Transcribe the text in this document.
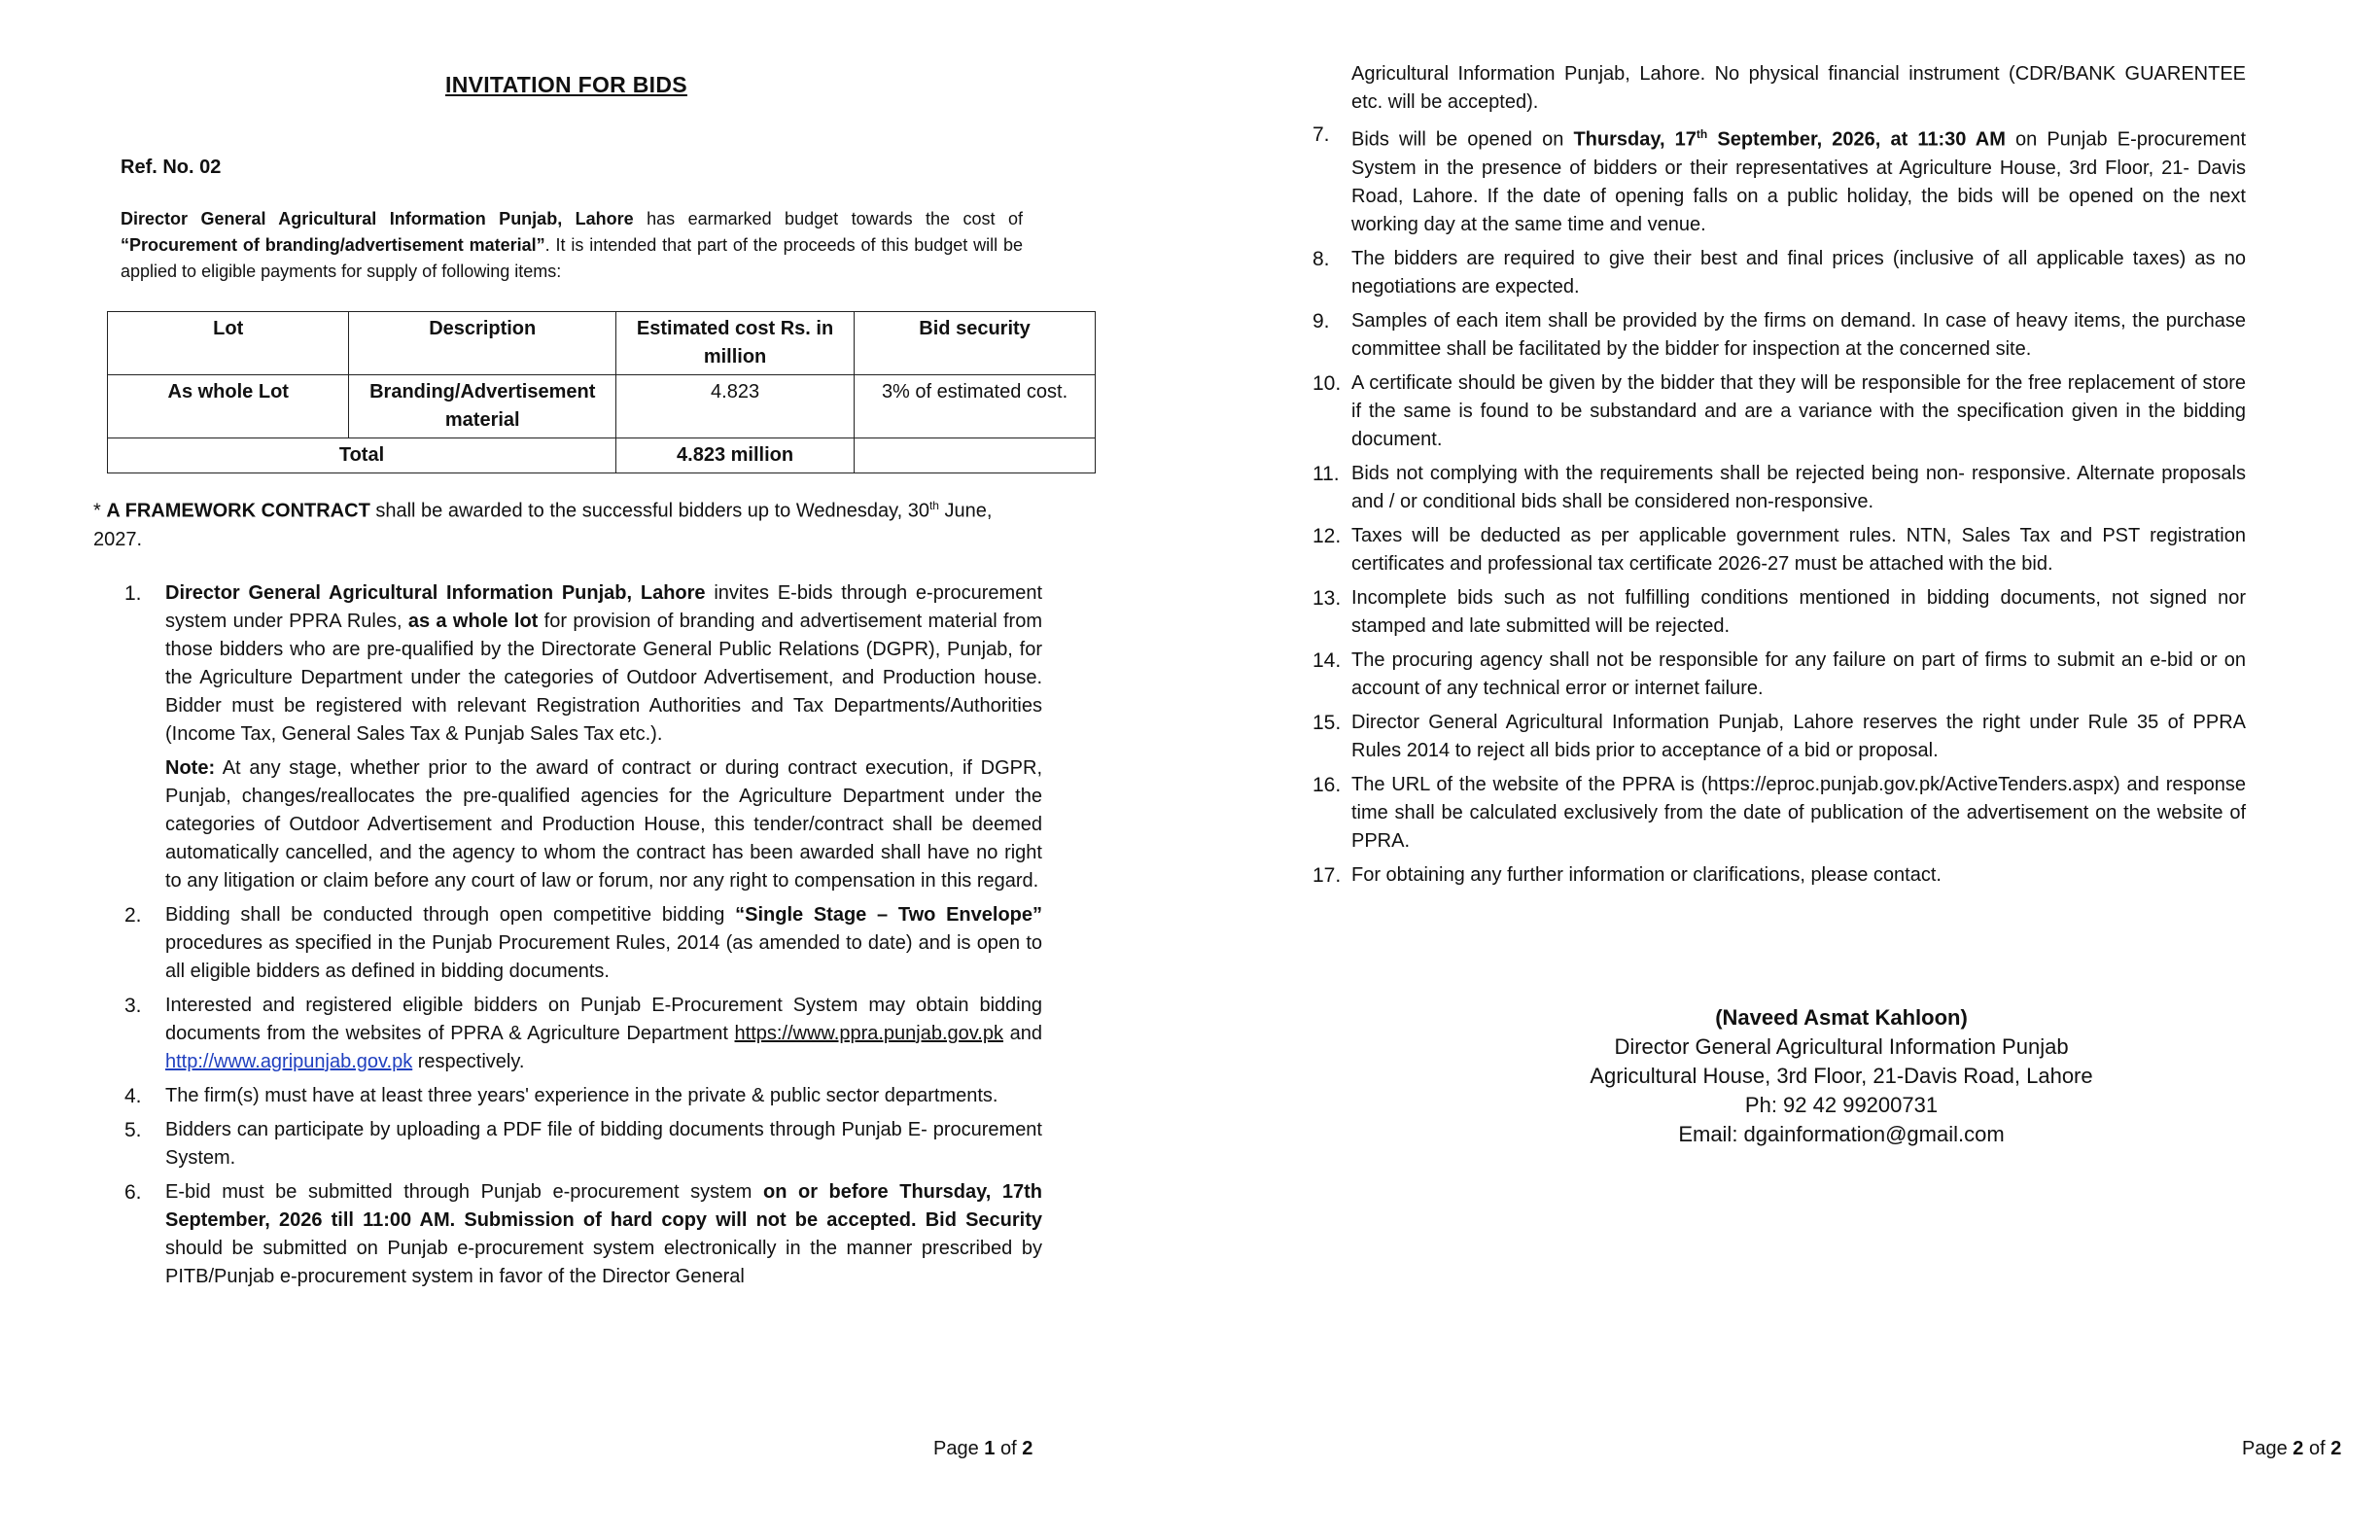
INVITATION FOR BIDS
Ref. No. 02
Director General Agricultural Information Punjab, Lahore has earmarked budget towards the cost of “Procurement of branding/advertisement material”. It is intended that part of the proceeds of this budget will be applied to eligible payments for supply of following items:
Lot	Description	Estimated cost Rs. in million	Bid security
As whole Lot	Branding/Advertisement material	4.823	3% of estimated cost.
Total		4.823 million	
* A FRAMEWORK CONTRACT shall be awarded to the successful bidders up to Wednesday, 30th June, 2027.
1.	Director General Agricultural Information Punjab, Lahore invites E-bids through e-procurement system under PPRA Rules, as a whole lot for provision of branding and advertisement material from those bidders who are pre-qualified by the Directorate General Public Relations (DGPR), Punjab, for the Agriculture Department under the categories of Outdoor Advertisement, and Production house. Bidder must be registered with relevant Registration Authorities and Tax Departments/Authorities (Income Tax, General Sales Tax & Punjab Sales Tax etc.).
Note: At any stage, whether prior to the award of contract or during contract execution, if DGPR, Punjab, changes/reallocates the pre-qualified agencies for the Agriculture Department under the categories of Outdoor Advertisement and Production House, this tender/contract shall be deemed automatically cancelled, and the agency to whom the contract has been awarded shall have no right to any litigation or claim before any court of law or forum, nor any right to compensation in this regard.
2.	Bidding shall be conducted through open competitive bidding “Single Stage – Two Envelope” procedures as specified in the Punjab Procurement Rules, 2014 (as amended to date) and is open to all eligible bidders as defined in bidding documents.
3.	Interested and registered eligible bidders on Punjab E-Procurement System may obtain bidding documents from the websites of PPRA & Agriculture Department https://www.ppra.punjab.gov.pk and http://www.agripunjab.gov.pk respectively.
4.	The firm(s) must have at least three years' experience in the private & public sector departments.
5.	Bidders can participate by uploading a PDF file of bidding documents through Punjab E- procurement System.
6.	E-bid must be submitted through Punjab e-procurement system on or before Thursday, 17th September, 2026 till 11:00 AM. Submission of hard copy will not be accepted. Bid Security should be submitted on Punjab e-procurement system electronically in the manner prescribed by PITB/Punjab e-procurement system in favor of the Director General
Page 1 of 2
Agricultural Information Punjab, Lahore. No physical financial instrument (CDR/BANK GUARENTEE etc. will be accepted).
7.	Bids will be opened on Thursday, 17th September, 2026, at 11:30 AM on Punjab E-procurement System in the presence of bidders or their representatives at Agriculture House, 3rd Floor, 21- Davis Road, Lahore. If the date of opening falls on a public holiday, the bids will be opened on the next working day at the same time and venue.
8.	The bidders are required to give their best and final prices (inclusive of all applicable taxes) as no negotiations are expected.
9.	Samples of each item shall be provided by the firms on demand. In case of heavy items, the purchase committee shall be facilitated by the bidder for inspection at the concerned site.
10. A certificate should be given by the bidder that they will be responsible for the free replacement of store if the same is found to be substandard and are a variance with the specification given in the bidding document.
11. Bids not complying with the requirements shall be rejected being non- responsive. Alternate proposals and / or conditional bids shall be considered non-responsive.
12. Taxes will be deducted as per applicable government rules. NTN, Sales Tax and PST registration certificates and professional tax certificate 2026-27 must be attached with the bid.
13. Incomplete bids such as not fulfilling conditions mentioned in bidding documents, not signed nor stamped and late submitted will be rejected.
14. The procuring agency shall not be responsible for any failure on part of firms to submit an e-bid or on account of any technical error or internet failure.
15. Director General Agricultural Information Punjab, Lahore reserves the right under Rule 35 of PPRA Rules 2014 to reject all bids prior to acceptance of a bid or proposal.
16. The URL of the website of the PPRA is (https://eproc.punjab.gov.pk/ActiveTenders.aspx) and response time shall be calculated exclusively from the date of publication of the advertisement on the website of PPRA.
17. For obtaining any further information or clarifications, please contact.
(Naveed Asmat Kahloon)
Director General Agricultural Information Punjab
Agricultural House, 3rd Floor, 21-Davis Road, Lahore
Ph: 92 42 99200731
Email: dgainformation@gmail.com
Page 2 of 2
